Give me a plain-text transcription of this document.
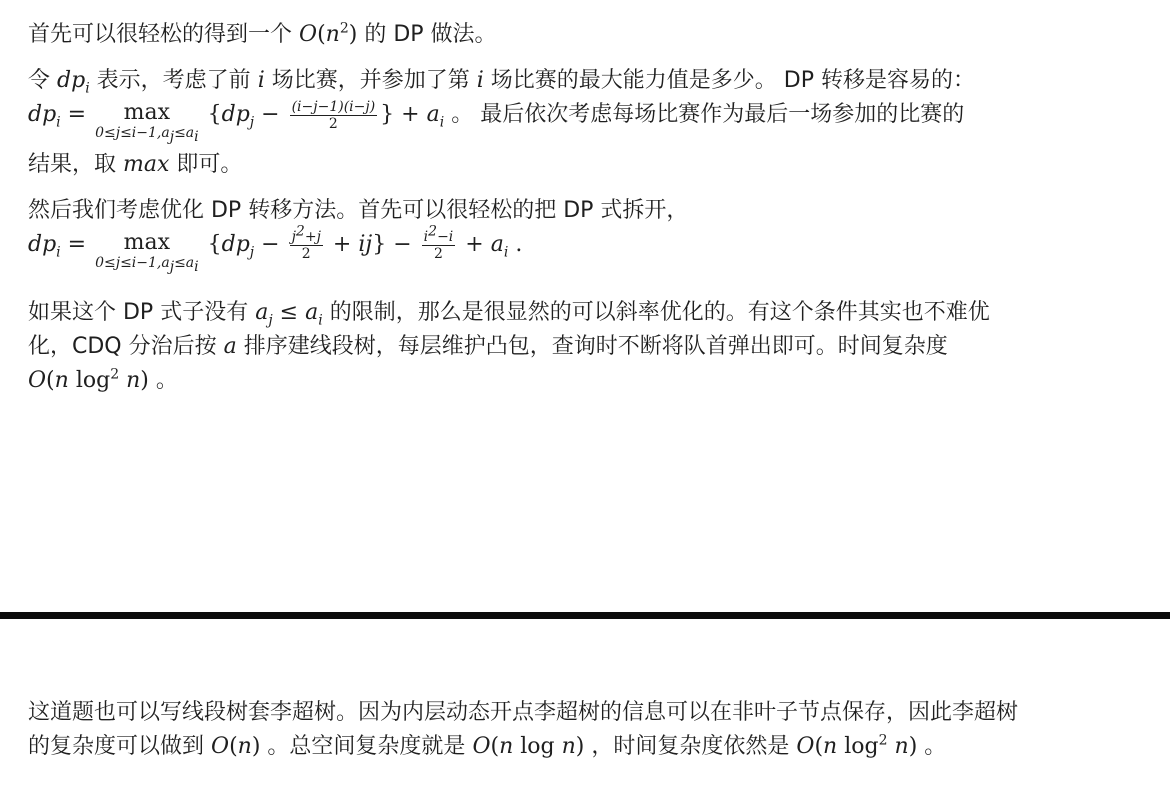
首先可以很轻松的得到一个 $O(n^2)$ 的 DP 做法。

令 $dp_i$ 表示，考虑了前 i 场比赛，并参加了第 i 场比赛的最大能力值是多少。 DP 转移是容易的：
$dp_i$ =	max
$0\le j\le i-1,a_j\le a_i$
{$dp_j - \frac{(i-j-1)(i-j)}{2}$ } + $a_i$ 。 最后依次考虑每场比赛作为最后一场参加的比赛的
结果，取 max 即可。
然后我们考虑优化 DP 转移方法。首先可以很轻松的把 DP 式拆开，
$dp_i$ =	max
$0\le j\le i-1,a_j\le a_i$
$\{dp_j - \frac{j^2+j}{2} + ij\} - \frac{i^2-i}{2} + a_i$ .
如果这个 DP 式子没有 $a_j \le a_i$ 的限制，那么是很显然的可以斜率优化的。有这个条件其实也不难优
化，CDQ 分治后按 a 排序建线段树，每层维护凸包，查询时不断将队首弹出即可。时间复杂度
O(n $\log^2 n$) 。
这道题也可以写线段树套李超树。因为内层动态开点李超树的信息可以在非叶子节点保存，因此李超树
的复杂度可以做到 O(n) 。总空间复杂度就是 O(n log n) ，时间复杂度依然是 O(n $\log^2 n$) 。
